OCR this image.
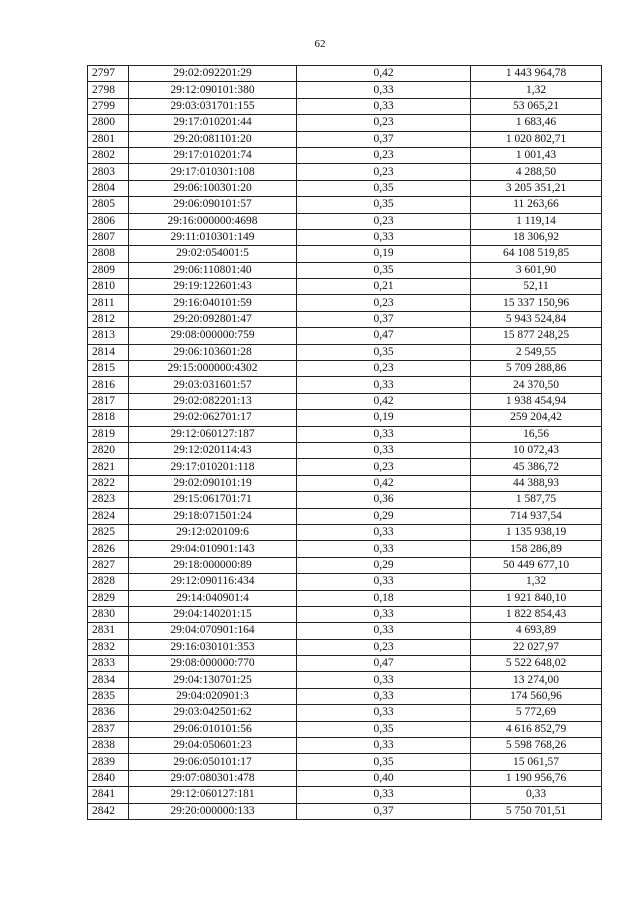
62
2797	29:02:092201:29	0,42	1 443 964,78
2798	29:12:090101:380	0,33	1,32
2799	29:03:031701:155	0,33	53 065,21
2800	29:17:010201:44	0,23	1 683,46
2801	29:20:081101:20	0,37	1 020 802,71
2802	29:17:010201:74	0,23	1 001,43
2803	29:17:010301:108	0,23	4 288,50
2804	29:06:100301:20	0,35	3 205 351,21
2805	29:06:090101:57	0,35	11 263,66
2806	29:16:000000:4698	0,23	1 119,14
2807	29:11:010301:149	0,33	18 306,92
2808	29:02:054001:5	0,19	64 108 519,85
2809	29:06:110801:40	0,35	3 601,90
2810	29:19:122601:43	0,21	52,11
2811	29:16:040101:59	0,23	15 337 150,96
2812	29:20:092801:47	0,37	5 943 524,84
2813	29:08:000000:759	0,47	15 877 248,25
2814	29:06:103601:28	0,35	2 549,55
2815	29:15:000000:4302	0,23	5 709 288,86
2816	29:03:031601:57	0,33	24 370,50
2817	29:02:082201:13	0,42	1 938 454,94
2818	29:02:062701:17	0,19	259 204,42
2819	29:12:060127:187	0,33	16,56
2820	29:12:020114:43	0,33	10 072,43
2821	29:17:010201:118	0,23	45 386,72
2822	29:02:090101:19	0,42	44 388,93
2823	29:15:061701:71	0,36	1 587,75
2824	29:18:071501:24	0,29	714 937,54
2825	29:12:020109:6	0,33	1 135 938,19
2826	29:04:010901:143	0,33	158 286,89
2827	29:18:000000:89	0,29	50 449 677,10
2828	29:12:090116:434	0,33	1,32
2829	29:14:040901:4	0,18	1 921 840,10
2830	29:04:140201:15	0,33	1 822 854,43
2831	29:04:070901:164	0,33	4 693,89
2832	29:16:030101:353	0,23	22 027,97
2833	29:08:000000:770	0,47	5 522 648,02
2834	29:04:130701:25	0,33	13 274,00
2835	29:04:020901:3	0,33	174 560,96
2836	29:03:042501:62	0,33	5 772,69
2837	29:06:010101:56	0,35	4 616 852,79
2838	29:04:050601:23	0,33	5 598 768,26
2839	29:06:050101:17	0,35	15 061,57
2840	29:07:080301:478	0,40	1 190 956,76
2841	29:12:060127:181	0,33	0,33
2842	29:20:000000:133	0,37	5 750 701,51
